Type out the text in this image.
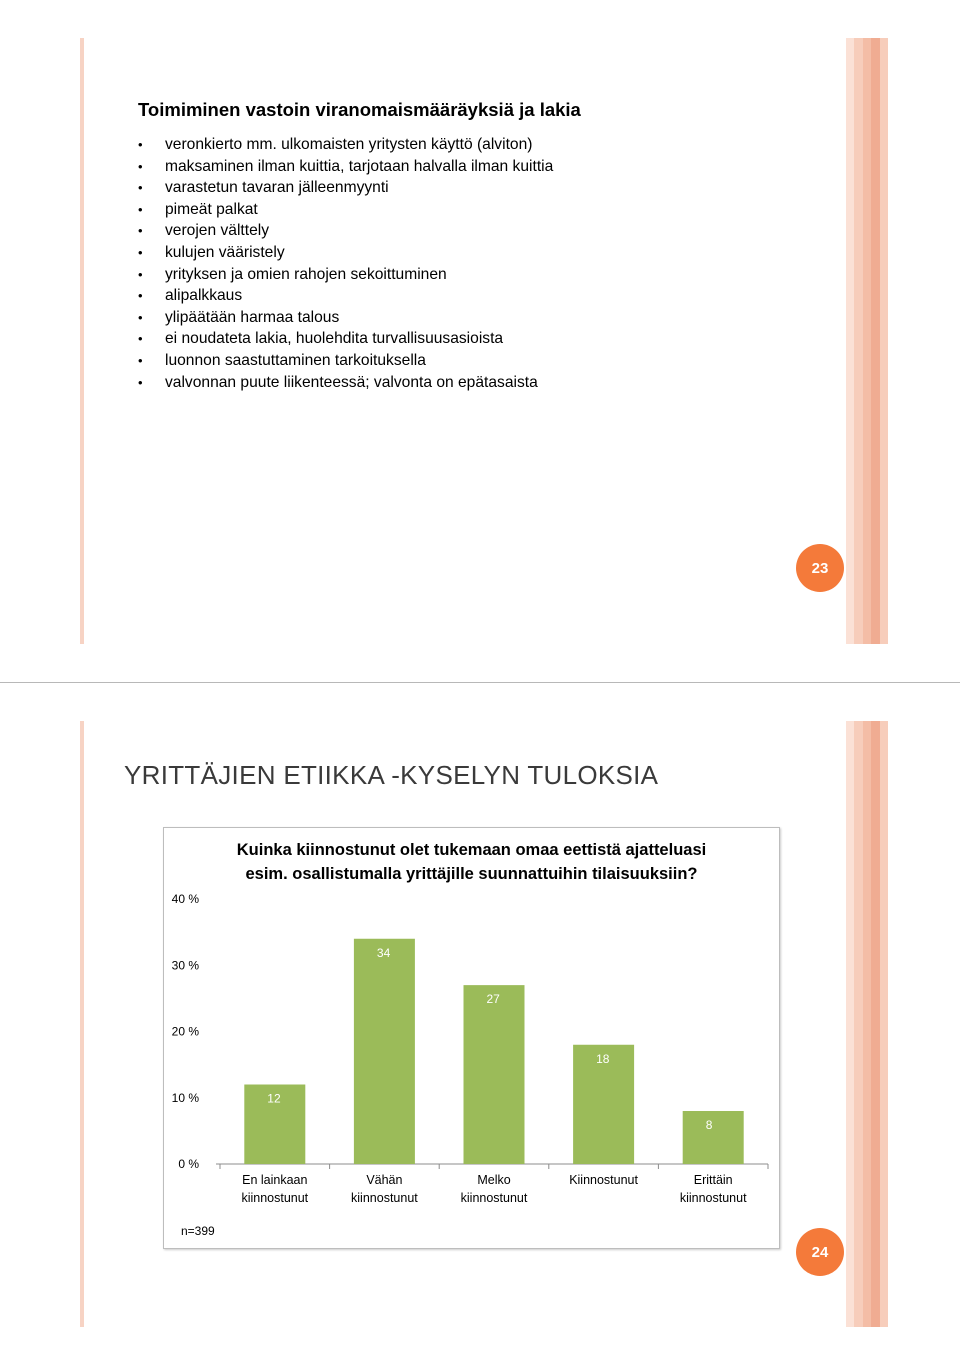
Toimiminen vastoin viranomaismääräyksiä ja lakia
• veronkierto mm. ulkomaisten yritysten käyttö (alviton)
• maksaminen ilman kuittia, tarjotaan halvalla ilman kuittia
• varastetun tavaran jälleenmyynti
• pimeät palkat
• verojen välttely
• kulujen vääristely
• yrityksen ja omien rahojen sekoittuminen
• alipalkkaus
• ylipäätään harmaa talous
• ei noudateta lakia, huolehdita turvallisuusasioista
• luonnon saastuttaminen tarkoituksella
• valvonnan puute liikenteessä; valvonta on epätasaista
23
YRITTÄJIEN ETIIKKA -KYSELYN TULOKSIA
Kuinka kiinnostunut olet tukemaan omaa eettistä ajatteluasi
esim. osallistumalla yrittäjille suunnattuihin tilaisuuksiin?
0 %
10 %
20 %
30 %
40 %
12
En lainkaan
kiinnostunut
34
Vähän
kiinnostunut
27
Melko
kiinnostunut
18
Kiinnostunut
8
Erittäin
kiinnostunut
n=399
24
